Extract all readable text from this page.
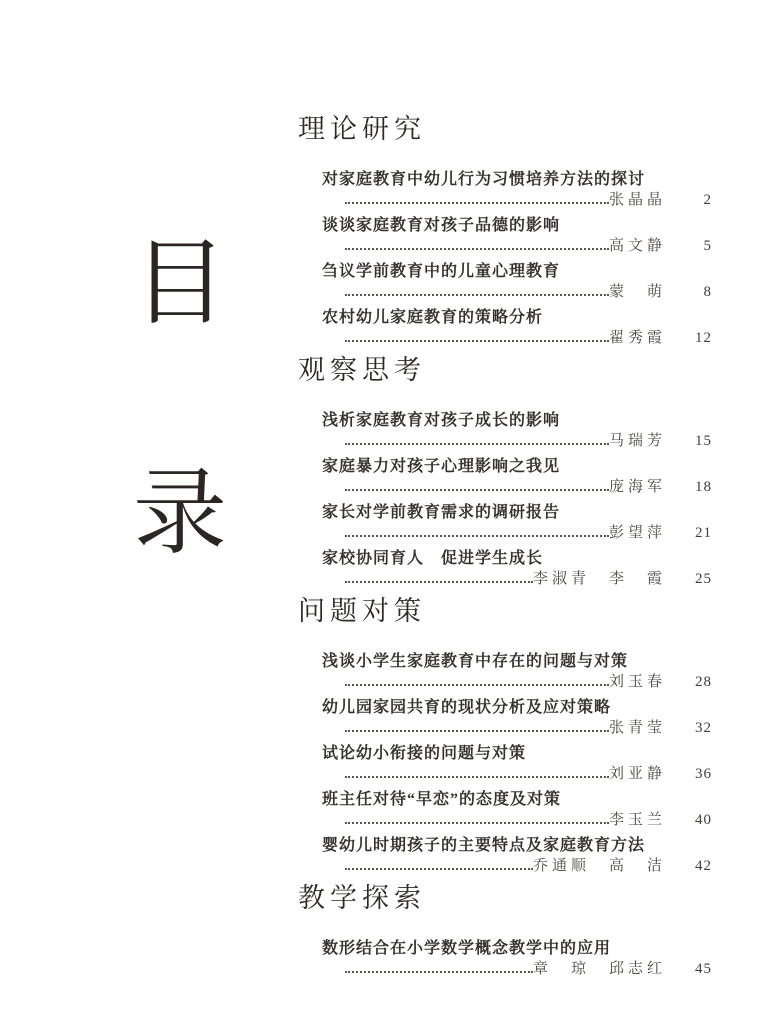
目
录
理论研究
对家庭教育中幼儿行为习惯培养方法的探讨
张晶晶	2
谈谈家庭教育对孩子品德的影响
高文静	5
刍议学前教育中的儿童心理教育
蒙　萌	8
农村幼儿家庭教育的策略分析
翟秀霞	12
观察思考
浅析家庭教育对孩子成长的影响
马瑞芳	15
家庭暴力对孩子心理影响之我见
庞海军	18
家长对学前教育需求的调研报告
彭望萍	21
家校协同育人　促进学生成长
李淑青　李　霞	25
问题对策
浅谈小学生家庭教育中存在的问题与对策
刘玉春	28
幼儿园家园共育的现状分析及应对策略
张青莹	32
试论幼小衔接的问题与对策
刘亚静	36
班主任对待“早恋”的态度及对策
李玉兰	40
婴幼儿时期孩子的主要特点及家庭教育方法
乔通顺　高　洁	42
教学探索
数形结合在小学数学概念教学中的应用
章　琼　邱志红	45
